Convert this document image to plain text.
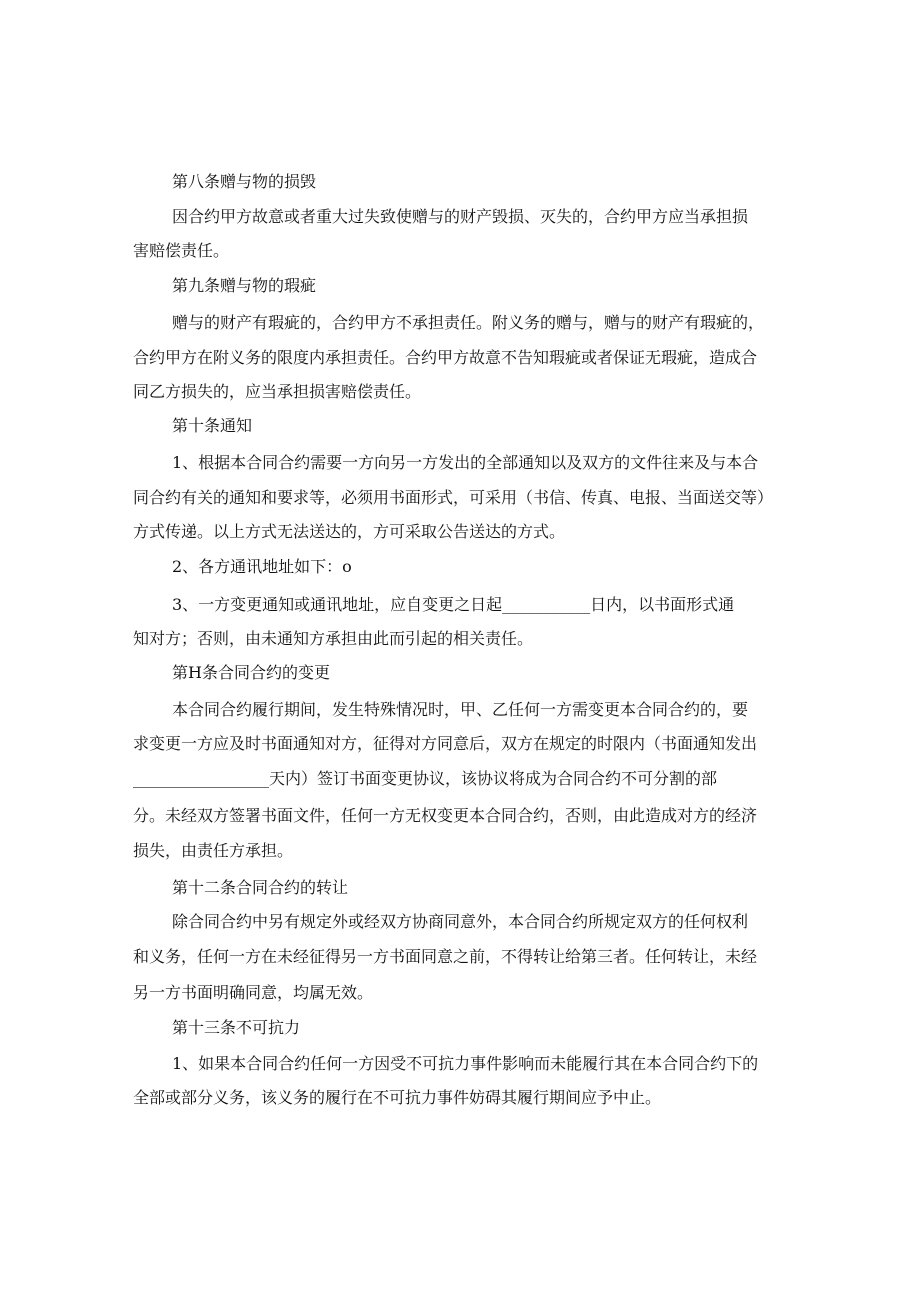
第八条赠与物的损毁
因合约甲方故意或者重大过失致使赠与的财产毁损、灭失的，合约甲方应当承担损
害赔偿责任。
第九条赠与物的瑕疵
赠与的财产有瑕疵的，合约甲方不承担责任。附义务的赠与，赠与的财产有瑕疵的，
合约甲方在附义务的限度内承担责任。合约甲方故意不告知瑕疵或者保证无瑕疵，造成合
同乙方损失的，应当承担损害赔偿责任。
第十条通知
1、根据本合同合约需要一方向另一方发出的全部通知以及双方的文件往来及与本合
同合约有关的通知和要求等，必须用书面形式，可采用（书信、传真、电报、当面送交等）
方式传递。以上方式无法送达的，方可采取公告送达的方式。
2、各方通讯地址如下：o
3、一方变更通知或通讯地址，应自变更之日起___________日内，以书面形式通
知对方；否则，由未通知方承担由此而引起的相关责任。
第H条合同合约的变更
本合同合约履行期间，发生特殊情况时，甲、乙任何一方需变更本合同合约的，要
求变更一方应及时书面通知对方，征得对方同意后，双方在规定的时限内（书面通知发出
_________________天内）签订书面变更协议，该协议将成为合同合约不可分割的部
分。未经双方签署书面文件，任何一方无权变更本合同合约，否则，由此造成对方的经济
损失，由责任方承担。
第十二条合同合约的转让
除合同合约中另有规定外或经双方协商同意外，本合同合约所规定双方的任何权利
和义务，任何一方在未经征得另一方书面同意之前，不得转让给第三者。任何转让，未经
另一方书面明确同意，均属无效。
第十三条不可抗力
1、如果本合同合约任何一方因受不可抗力事件影响而未能履行其在本合同合约下的
全部或部分义务，该义务的履行在不可抗力事件妨碍其履行期间应予中止。
